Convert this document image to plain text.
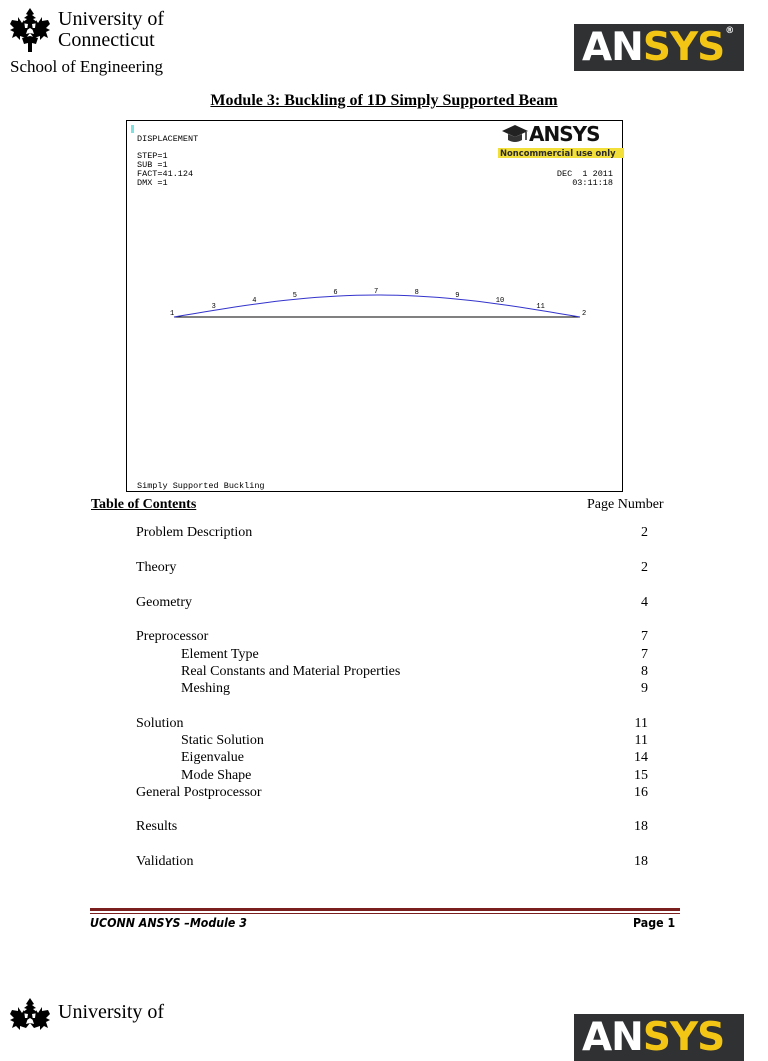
University of
Connecticut
School of Engineering	ANSYS®
Module 3: Buckling of 1D Simply Supported Beam
DISPLACEMENT
STEP=1
SUB =1
FACT=41.124
DMX =1
DEC  1 2011
03:11:18
ANSYS
Noncommercial use only
1
3
4
5	6	7	8	9
10
11
2
Simply Supported Buckling
Table of Contents	Page Number
Problem Description	2
Theory	2
Geometry	4
Preprocessor	7
Element Type	7
Real Constants and Material Properties	8
Meshing	9
Solution	11
Static Solution	11
Eigenvalue	14
Mode Shape	15
General Postprocessor	16
Results	18
Validation	18
UCONN ANSYS –Module 3	Page 1
University of
ANSYS
